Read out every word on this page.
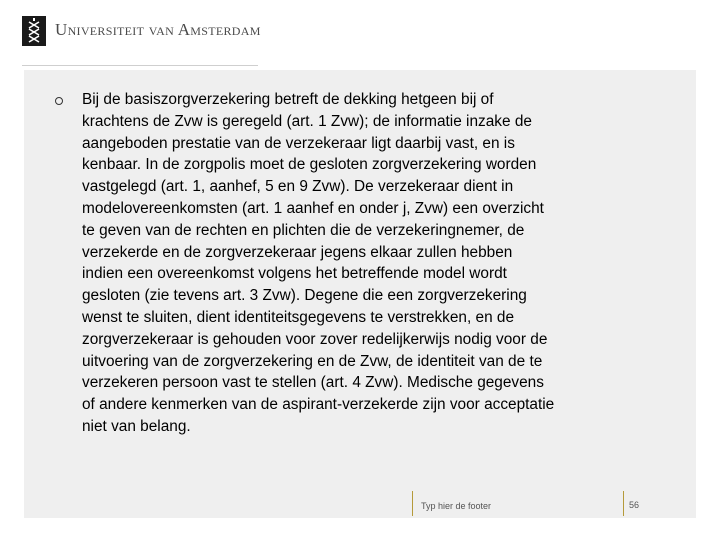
Universiteit van Amsterdam

Bij de basiszorgverzekering betreft de dekking hetgeen bij of
krachtens de Zvw is geregeld (art. 1 Zvw); de informatie inzake de
aangeboden prestatie van de verzekeraar ligt daarbij vast, en is
kenbaar. In de zorgpolis moet de gesloten zorgverzekering worden
vastgelegd (art. 1, aanhef, 5 en 9 Zvw). De verzekeraar dient in
modelovereenkomsten (art. 1 aanhef en onder j, Zvw) een overzicht
te geven van de rechten en plichten die de verzekeringnemer, de
verzekerde en de zorgverzekeraar jegens elkaar zullen hebben
indien een overeenkomst volgens het betreffende model wordt
gesloten (zie tevens art. 3 Zvw). Degene die een zorgverzekering
wenst te sluiten, dient identiteitsgegevens te verstrekken, en de
zorgverzekeraar is gehouden voor zover redelijkerwijs nodig voor de
uitvoering van de zorgverzekering en de Zvw, de identiteit van de te
verzekeren persoon vast te stellen (art. 4 Zvw). Medische gegevens
of andere kenmerken van de aspirant-verzekerde zijn voor acceptatie
niet van belang.

Typ hier de footer	56
